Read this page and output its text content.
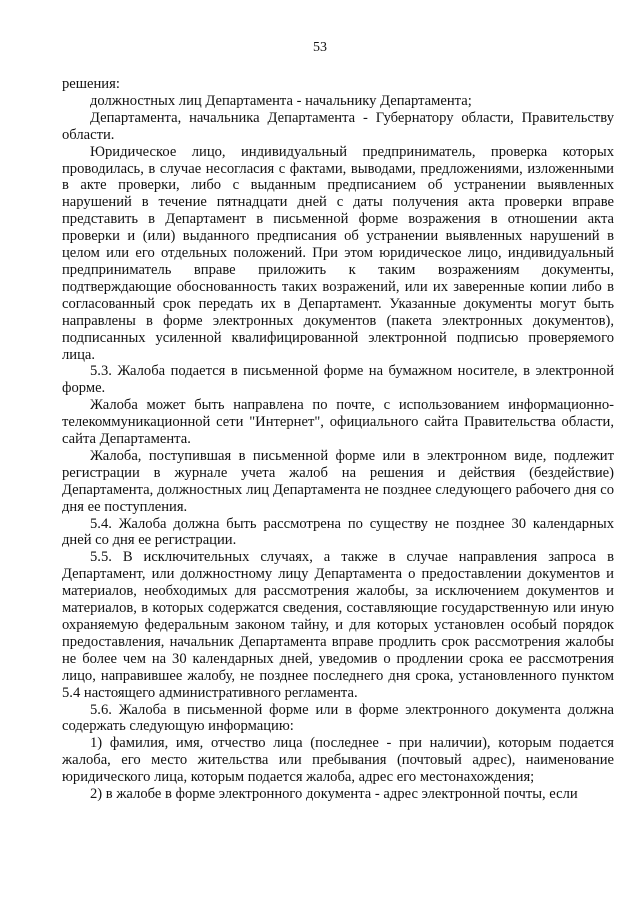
53

решения:

должностных лиц Департамента - начальнику Департамента;

Департамента, начальника Департамента - Губернатору области, Правительству области.

Юридическое лицо, индивидуальный предприниматель, проверка которых проводилась, в случае несогласия с фактами, выводами, предложениями, изложенными в акте проверки, либо с выданным предписанием об устранении выявленных нарушений в течение пятнадцати дней с даты получения акта проверки вправе представить в Департамент в письменной форме возражения в отношении акта проверки и (или) выданного предписания об устранении выявленных нарушений в целом или его отдельных положений. При этом юридическое лицо, индивидуальный предприниматель вправе приложить к таким возражениям документы, подтверждающие обоснованность таких возражений, или их заверенные копии либо в согласованный срок передать их в Департамент. Указанные документы могут быть направлены в форме электронных документов (пакета электронных документов), подписанных усиленной квалифицированной электронной подписью проверяемого лица.

5.3. Жалоба подается в письменной форме на бумажном носителе, в электронной форме.

Жалоба может быть направлена по почте, с использованием информационно-телекоммуникационной сети "Интернет", официального сайта Правительства области, сайта Департамента.

Жалоба, поступившая в письменной форме или в электронном виде, подлежит регистрации в журнале учета жалоб на решения и действия (бездействие) Департамента, должностных лиц Департамента не позднее следующего рабочего дня со дня ее поступления.

5.4. Жалоба должна быть рассмотрена по существу не позднее 30 календарных дней со дня ее регистрации.

5.5. В исключительных случаях, а также в случае направления запроса в Департамент, или должностному лицу Департамента о предоставлении документов и материалов, необходимых для рассмотрения жалобы, за исключением документов и материалов, в которых содержатся сведения, составляющие государственную или иную охраняемую федеральным законом тайну, и для которых установлен особый порядок предоставления, начальник Департамента вправе продлить срок рассмотрения жалобы не более чем на 30 календарных дней, уведомив о продлении срока ее рассмотрения лицо, направившее жалобу, не позднее последнего дня срока, установленного пунктом 5.4 настоящего административного регламента.

5.6. Жалоба в письменной форме или в форме электронного документа должна содержать следующую информацию:

1) фамилия, имя, отчество лица (последнее - при наличии), которым подается жалоба, его место жительства или пребывания (почтовый адрес), наименование юридического лица, которым подается жалоба, адрес его местонахождения;

2) в жалобе в форме электронного документа - адрес электронной почты, если
